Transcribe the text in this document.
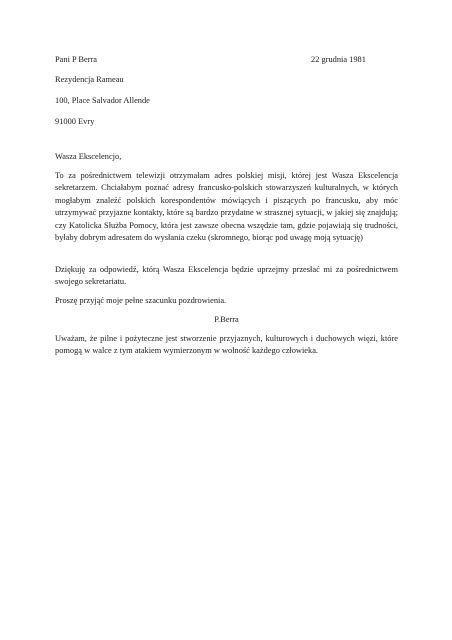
Pani P Berra	22 grudnia 1981
Rezydencja Rameau
100, Place Salvador Allende
91000 Evry
Wasza Ekscelencjo,
To za pośrednictwem telewizji otrzymałam adres polskiej misji, której jest Wasza Ekscelencja sekretarzem. Chciałabym poznać adresy francusko-polskich stowarzyszeń kulturalnych, w których mogłabym znaleźć polskich korespondentów mówiących i piszących po francusku, aby móc utrzymywać przyjazne kontakty, które są bardzo przydatne w strasznej sytuacji, w jakiej się znajdują; czy Katolicka Służba Pomocy, która jest zawsze obecna wszędzie tam, gdzie pojawiają się trudności, byłaby dobrym adresatem do wysłania czeku (skromnego, biorąc pod uwagę moją sytuację)
Dziękuję za odpowiedź, którą Wasza Ekscelencja będzie uprzejmy przesłać mi za pośrednictwem swojego sekretariatu.
Proszę przyjąć moje pełne szacunku pozdrowienia.
P.Berra
Uważam, że pilne i pożyteczne jest stworzenie przyjaznych, kulturowych i duchowych więzi, które pomogą w walce z tym atakiem wymierzonym w wolność każdego człowieka.
